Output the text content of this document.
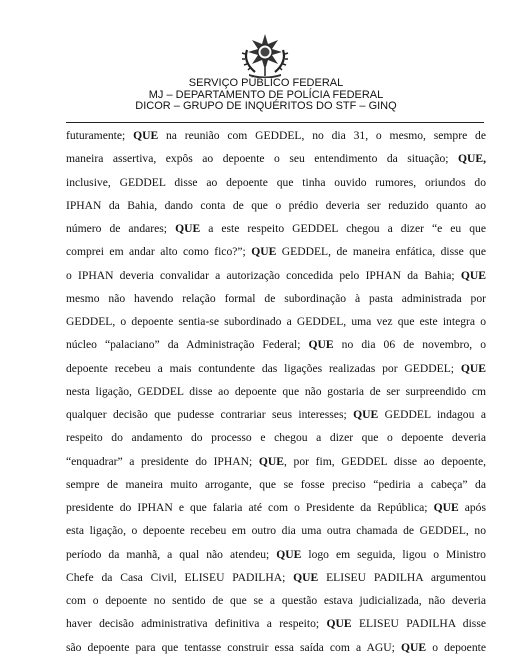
SERVIÇO PÚBLICO FEDERAL
MJ – DEPARTAMENTO DE POLÍCIA FEDERAL
DICOR – GRUPO DE INQUÉRITOS DO STF – GINQ
futuramente; QUE na reunião com GEDDEL, no dia 31, o mesmo, sempre de
maneira assertiva, expôs ao depoente o seu entendimento da situação; QUE,
inclusive, GEDDEL disse ao depoente que tinha ouvido rumores, oriundos do
IPHAN da Bahia, dando conta de que o prédio deveria ser reduzido quanto ao
número de andares; QUE a este respeito GEDDEL chegou a dizer “e eu que
comprei em andar alto como fico?”; QUE GEDDEL, de maneira enfática, disse que
o IPHAN deveria convalidar a autorização concedida pelo IPHAN da Bahia; QUE
mesmo não havendo relação formal de subordinação à pasta administrada por
GEDDEL, o depoente sentia-se subordinado a GEDDEL, uma vez que este integra o
núcleo “palaciano” da Administração Federal; QUE no dia 06 de novembro, o
depoente recebeu a mais contundente das ligações realizadas por GEDDEL; QUE
nesta ligação, GEDDEL disse ao depoente que não gostaria de ser surpreendido cm
qualquer decisão que pudesse contrariar seus interesses; QUE GEDDEL indagou a
respeito do andamento do processo e chegou a dizer que o depoente deveria
“enquadrar” a presidente do IPHAN; QUE, por fim, GEDDEL disse ao depoente,
sempre de maneira muito arrogante, que se fosse preciso “pediria a cabeça” da
presidente do IPHAN e que falaria até com o Presidente da República; QUE após
esta ligação, o depoente recebeu em outro dia uma outra chamada de GEDDEL, no
período da manhã, a qual não atendeu; QUE logo em seguida, ligou o Ministro
Chefe da Casa Civil, ELISEU PADILHA; QUE ELISEU PADILHA argumentou
com o depoente no sentido de que se a questão estava judicializada, não deveria
haver decisão administrativa definitiva a respeito; QUE ELISEU PADILHA disse
são depoente para que tentasse construir essa saída com a AGU; QUE o depoente
